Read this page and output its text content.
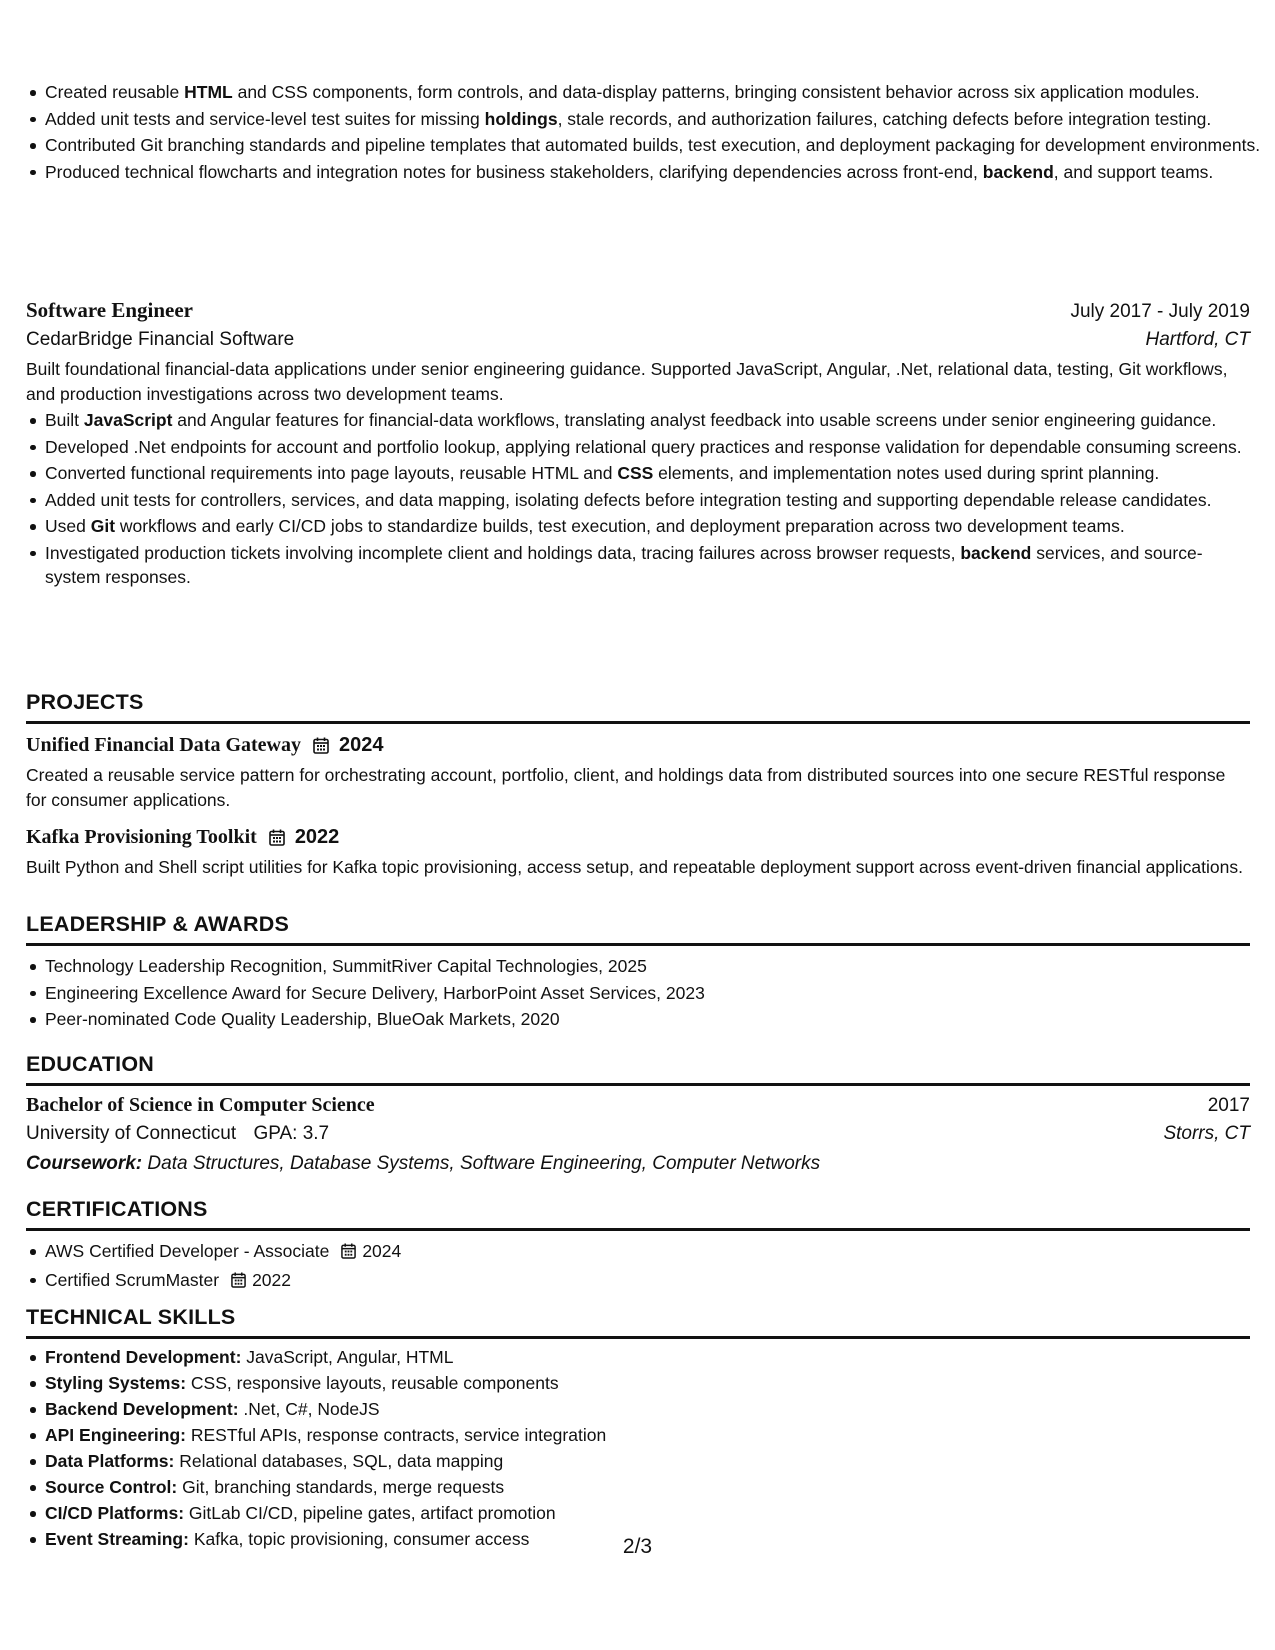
Created reusable HTML and CSS components, form controls, and data-display patterns, bringing consistent behavior across six application modules.
Added unit tests and service-level test suites for missing holdings, stale records, and authorization failures, catching defects before integration testing.
Contributed Git branching standards and pipeline templates that automated builds, test execution, and deployment packaging for development environments.
Produced technical flowcharts and integration notes for business stakeholders, clarifying dependencies across front-end, backend, and support teams.
Software Engineer	July 2017 - July 2019
CedarBridge Financial Software	Hartford, CT
Built foundational financial-data applications under senior engineering guidance. Supported JavaScript, Angular, .Net, relational data, testing, Git workflows, and production investigations across two development teams.
Built JavaScript and Angular features for financial-data workflows, translating analyst feedback into usable screens under senior engineering guidance.
Developed .Net endpoints for account and portfolio lookup, applying relational query practices and response validation for dependable consuming screens.
Converted functional requirements into page layouts, reusable HTML and CSS elements, and implementation notes used during sprint planning.
Added unit tests for controllers, services, and data mapping, isolating defects before integration testing and supporting dependable release candidates.
Used Git workflows and early CI/CD jobs to standardize builds, test execution, and deployment preparation across two development teams.
Investigated production tickets involving incomplete client and holdings data, tracing failures across browser requests, backend services, and source-system responses.
PROJECTS
Unified Financial Data Gateway 2024
Created a reusable service pattern for orchestrating account, portfolio, client, and holdings data from distributed sources into one secure RESTful response for consumer applications.
Kafka Provisioning Toolkit 2022
Built Python and Shell script utilities for Kafka topic provisioning, access setup, and repeatable deployment support across event-driven financial applications.
LEADERSHIP & AWARDS
Technology Leadership Recognition, SummitRiver Capital Technologies, 2025
Engineering Excellence Award for Secure Delivery, HarborPoint Asset Services, 2023
Peer-nominated Code Quality Leadership, BlueOak Markets, 2020
EDUCATION
Bachelor of Science in Computer Science	2017
University of Connecticut GPA: 3.7	Storrs, CT
Coursework: Data Structures, Database Systems, Software Engineering, Computer Networks
CERTIFICATIONS
AWS Certified Developer - Associate 2024
Certified ScrumMaster 2022
TECHNICAL SKILLS
Frontend Development: JavaScript, Angular, HTML
Styling Systems: CSS, responsive layouts, reusable components
Backend Development: .Net, C#, NodeJS
API Engineering: RESTful APIs, response contracts, service integration
Data Platforms: Relational databases, SQL, data mapping
Source Control: Git, branching standards, merge requests
CI/CD Platforms: GitLab CI/CD, pipeline gates, artifact promotion
Event Streaming: Kafka, topic provisioning, consumer access	2/3
